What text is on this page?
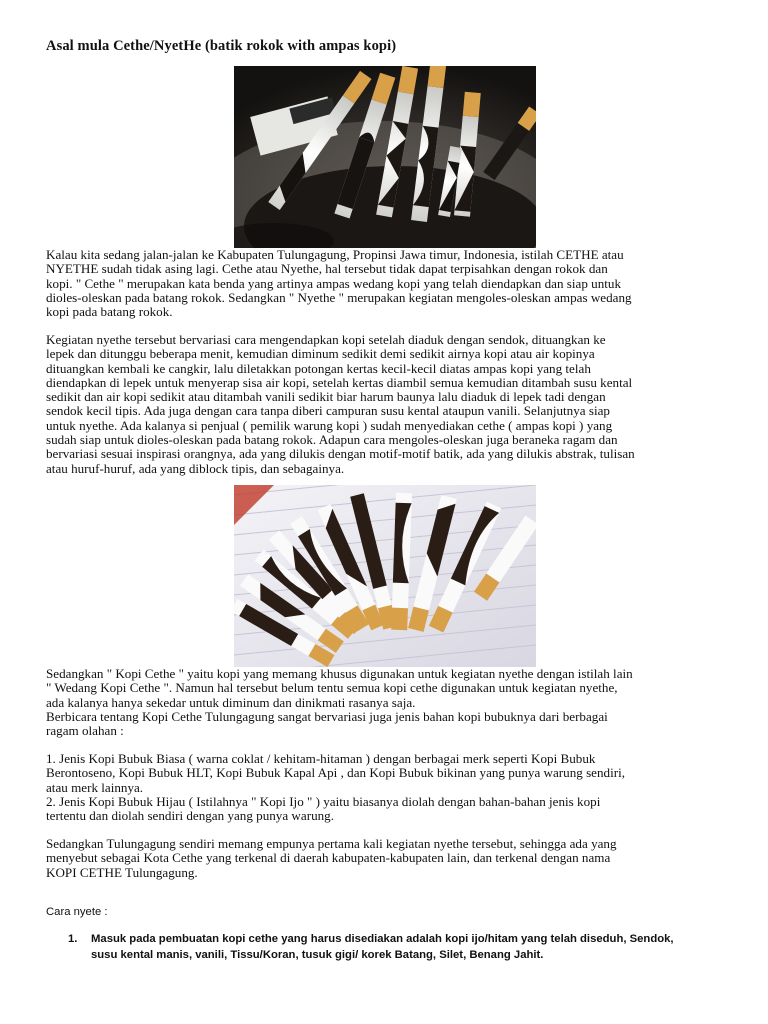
Asal mula Cethe/NyetHe (batik rokok with ampas kopi)

Kalau kita sedang jalan-jalan ke Kabupaten Tulungagung, Propinsi Jawa timur, Indonesia, istilah CETHE atau
NYETHE sudah tidak asing lagi. Cethe atau Nyethe, hal tersebut tidak dapat terpisahkan dengan rokok dan
kopi. " Cethe " merupakan kata benda yang artinya ampas wedang kopi yang telah diendapkan dan siap untuk
dioles-oleskan pada batang rokok. Sedangkan " Nyethe " merupakan kegiatan mengoles-oleskan ampas wedang
kopi pada batang rokok.

Kegiatan nyethe tersebut bervariasi cara mengendapkan kopi setelah diaduk dengan sendok, dituangkan ke
lepek dan ditunggu beberapa menit, kemudian diminum sedikit demi sedikit airnya kopi atau air kopinya
dituangkan kembali ke cangkir, lalu diletakkan potongan kertas kecil-kecil diatas ampas kopi yang telah
diendapkan di lepek untuk menyerap sisa air kopi, setelah kertas diambil semua kemudian ditambah susu kental
sedikit dan air kopi sedikit atau ditambah vanili sedikit biar harum baunya lalu diaduk di lepek tadi dengan
sendok kecil tipis. Ada juga dengan cara tanpa diberi campuran susu kental ataupun vanili. Selanjutnya siap
untuk nyethe. Ada kalanya si penjual ( pemilik warung kopi ) sudah menyediakan cethe ( ampas kopi ) yang
sudah siap untuk dioles-oleskan pada batang rokok. Adapun cara mengoles-oleskan juga beraneka ragam dan
bervariasi sesuai inspirasi orangnya, ada yang dilukis dengan motif-motif batik, ada yang dilukis abstrak, tulisan
atau huruf-huruf, ada yang diblock tipis, dan sebagainya.

Sedangkan " Kopi Cethe " yaitu kopi yang memang khusus digunakan untuk kegiatan nyethe dengan istilah lain
" Wedang Kopi Cethe ". Namun hal tersebut belum tentu semua kopi cethe digunakan untuk kegiatan nyethe,
ada kalanya hanya sekedar untuk diminum dan dinikmati rasanya saja.
Berbicara tentang Kopi Cethe Tulungagung sangat bervariasi juga jenis bahan kopi bubuknya dari berbagai
ragam olahan :

1. Jenis Kopi Bubuk Biasa ( warna coklat / kehitam-hitaman ) dengan berbagai merk seperti Kopi Bubuk
Berontoseno, Kopi Bubuk HLT, Kopi Bubuk Kapal Api , dan Kopi Bubuk bikinan yang punya warung sendiri,
atau merk lainnya.
2. Jenis Kopi Bubuk Hijau ( Istilahnya " Kopi Ijo " ) yaitu biasanya diolah dengan bahan-bahan jenis kopi
tertentu dan diolah sendiri dengan yang punya warung.

Sedangkan Tulungagung sendiri memang empunya pertama kali kegiatan nyethe tersebut, sehingga ada yang
menyebut sebagai Kota Cethe yang terkenal di daerah kabupaten-kabupaten lain, dan terkenal dengan nama
KOPI CETHE Tulungagung.

Cara nyete :

1. Masuk pada pembuatan kopi cethe yang harus disediakan adalah kopi ijo/hitam yang telah diseduh, Sendok,
susu kental manis, vanili, Tissu/Koran, tusuk gigi/ korek Batang, Silet, Benang Jahit.
